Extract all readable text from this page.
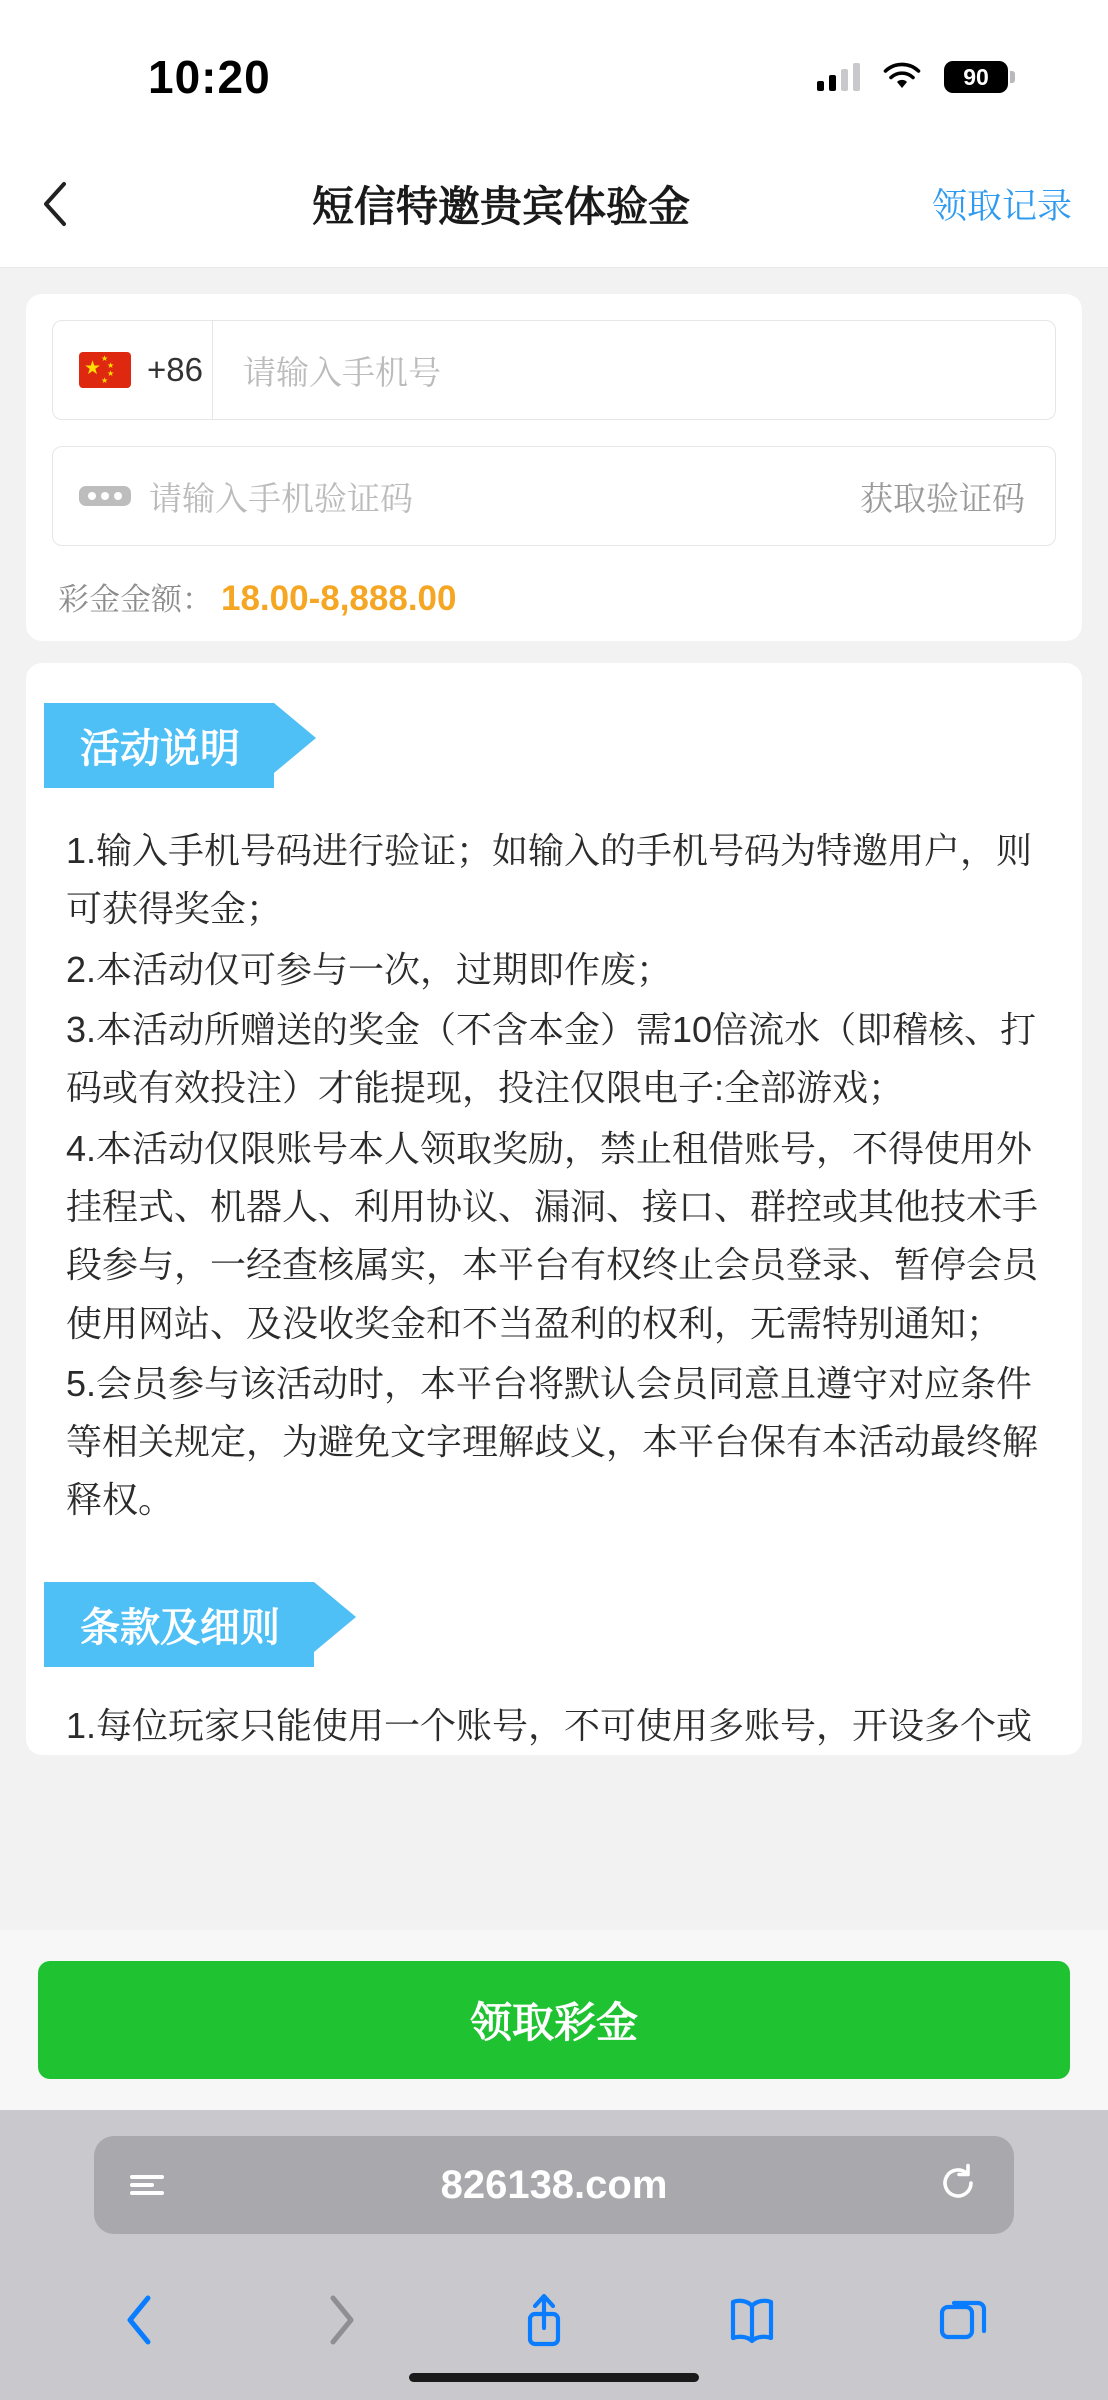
10:20	90
短信特邀贵宾体验金	领取记录
★ ★
★
★
★ +86	请输入手机号
请输入手机验证码	获取验证码
彩金金额： 18.00-8,888.00
活动说明

1.输入手机号码进行验证；如输入的手机号码为特邀用户，则可获得奖金；

2.本活动仅可参与一次，过期即作废；

3.本活动所赠送的奖金（不含本金）需10倍流水（即稽核、打码或有效投注）才能提现，投注仅限电子:全部游戏；

4.本活动仅限账号本人领取奖励，禁止租借账号，不得使用外挂程式、机器人、利用协议、漏洞、接口、群控或其他技术手段参与，一经查核属实，本平台有权终止会员登录、暂停会员使用网站、及没收奖金和不当盈利的权利，无需特别通知；

5.会员参与该活动时，本平台将默认会员同意且遵守对应条件等相关规定，为避免文字理解歧义，本平台保有本活动最终解释权。

条款及细则

1.每位玩家只能使用一个账号，不可使用多账号，开设多个或

领取彩金
826138.com
